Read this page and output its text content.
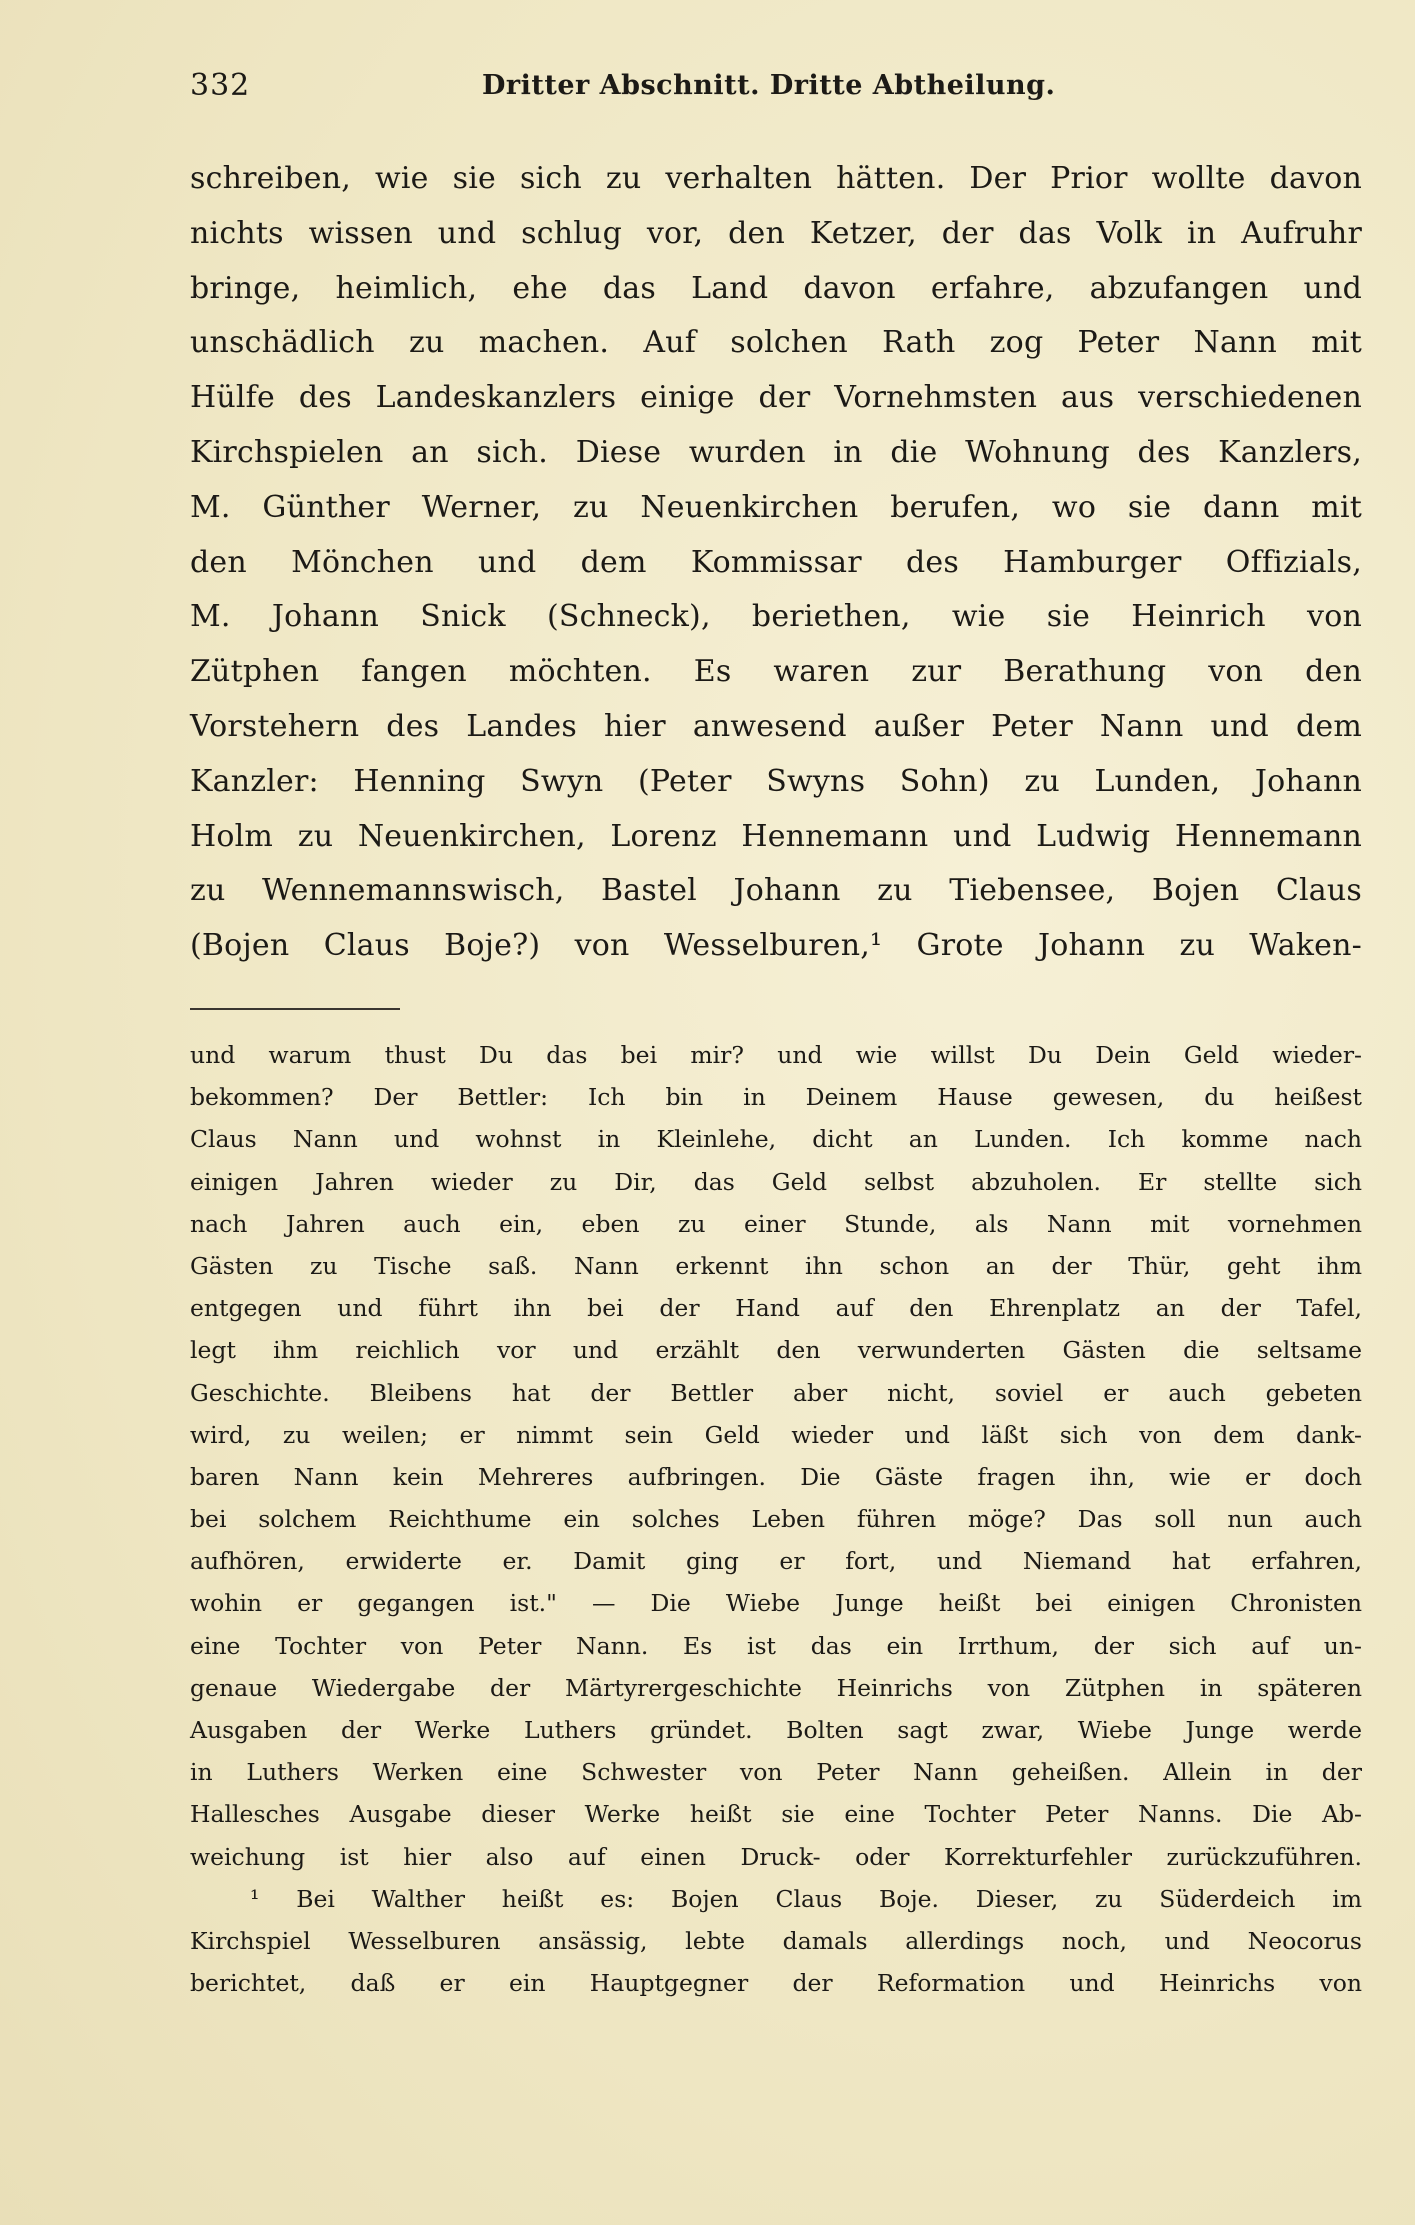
332	Dritter Abschnitt. Dritte Abtheilung.
schreiben, wie sie sich zu verhalten hätten. Der Prior wollte davon
nichts wissen und schlug vor, den Ketzer, der das Volk in Aufruhr
bringe, heimlich, ehe das Land davon erfahre, abzufangen und
unschädlich zu machen. Auf solchen Rath zog Peter Nann mit
Hülfe des Landeskanzlers einige der Vornehmsten aus verschiedenen
Kirchspielen an sich. Diese wurden in die Wohnung des Kanzlers,
M. Günther Werner, zu Neuenkirchen berufen, wo sie dann mit
den Mönchen und dem Kommissar des Hamburger Offizials,
M. Johann Snick (Schneck), beriethen, wie sie Heinrich von
Zütphen fangen möchten. Es waren zur Berathung von den
Vorstehern des Landes hier anwesend außer Peter Nann und dem
Kanzler: Henning Swyn (Peter Swyns Sohn) zu Lunden, Johann
Holm zu Neuenkirchen, Lorenz Hennemann und Ludwig Hennemann
zu Wennemannswisch, Bastel Johann zu Tiebensee, Bojen Claus
(Bojen Claus Boje?) von Wesselburen,¹ Grote Johann zu Waken-
und warum thust Du das bei mir? und wie willst Du Dein Geld wieder-
bekommen? Der Bettler: Ich bin in Deinem Hause gewesen, du heißest
Claus Nann und wohnst in Kleinlehe, dicht an Lunden. Ich komme nach
einigen Jahren wieder zu Dir, das Geld selbst abzuholen. Er stellte sich
nach Jahren auch ein, eben zu einer Stunde, als Nann mit vornehmen
Gästen zu Tische saß. Nann erkennt ihn schon an der Thür, geht ihm
entgegen und führt ihn bei der Hand auf den Ehrenplatz an der Tafel,
legt ihm reichlich vor und erzählt den verwunderten Gästen die seltsame
Geschichte. Bleibens hat der Bettler aber nicht, soviel er auch gebeten
wird, zu weilen; er nimmt sein Geld wieder und läßt sich von dem dank-
baren Nann kein Mehreres aufbringen. Die Gäste fragen ihn, wie er doch
bei solchem Reichthume ein solches Leben führen möge? Das soll nun auch
aufhören, erwiderte er. Damit ging er fort, und Niemand hat erfahren,
wohin er gegangen ist." — Die Wiebe Junge heißt bei einigen Chronisten
eine Tochter von Peter Nann. Es ist das ein Irrthum, der sich auf un-
genaue Wiedergabe der Märtyrergeschichte Heinrichs von Zütphen in späteren
Ausgaben der Werke Luthers gründet. Bolten sagt zwar, Wiebe Junge werde
in Luthers Werken eine Schwester von Peter Nann geheißen. Allein in der
Hallesches Ausgabe dieser Werke heißt sie eine Tochter Peter Nanns. Die Ab-
weichung ist hier also auf einen Druck- oder Korrekturfehler zurückzuführen.
¹ Bei Walther heißt es: Bojen Claus Boje. Dieser, zu Süderdeich im
Kirchspiel Wesselburen ansässig, lebte damals allerdings noch, und Neocorus
berichtet, daß er ein Hauptgegner der Reformation und Heinrichs von
